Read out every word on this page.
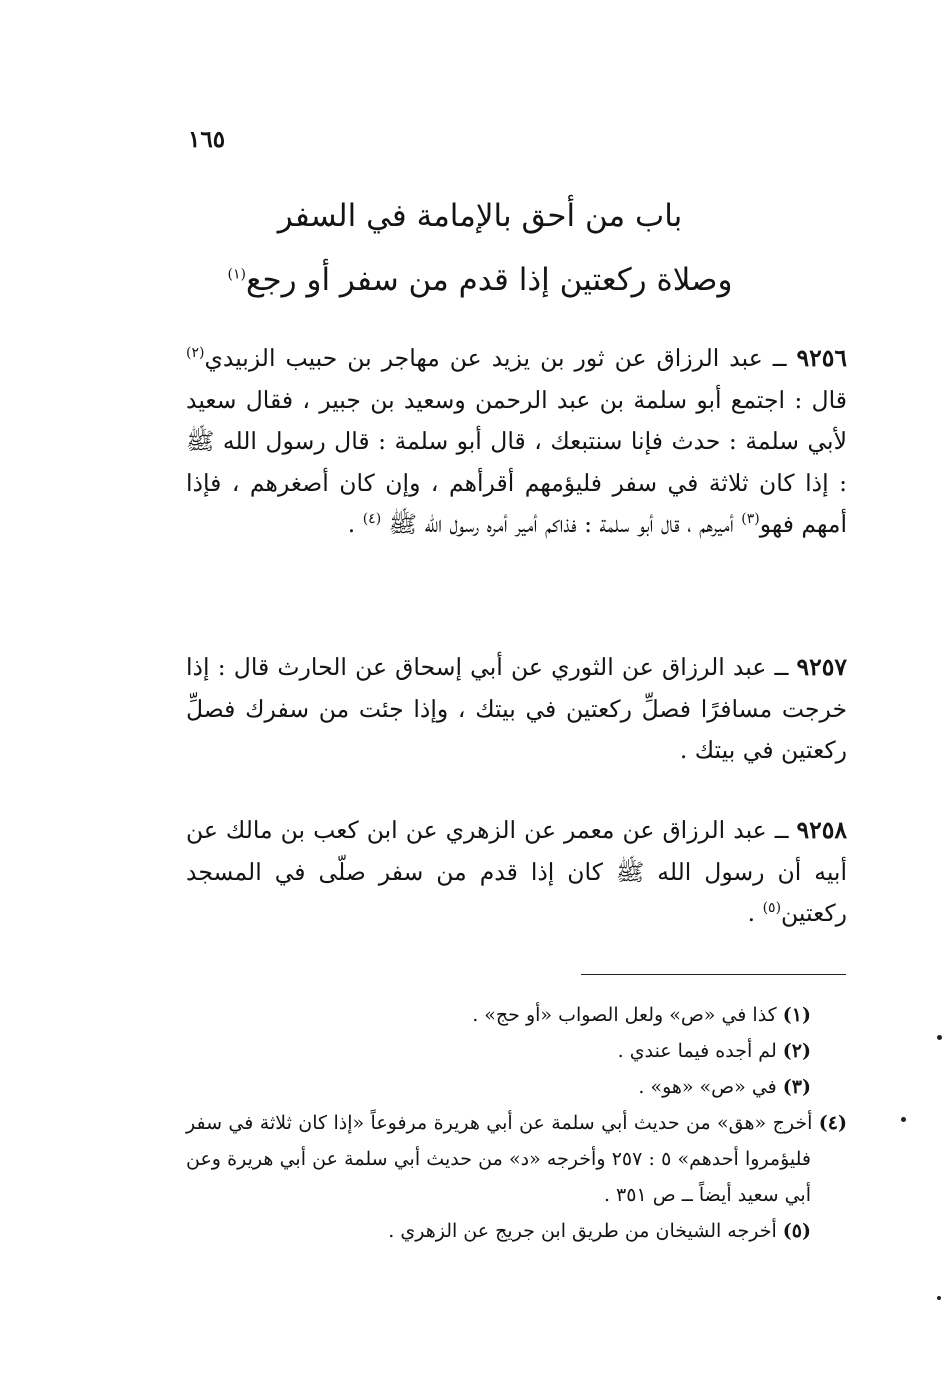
١٦٥
باب من أحق بالإمامة في السفر
وصلاة ركعتين إذا قدم من سفر أو رجع$^{(١)}$
٩٢٥٦ ــ عبد الرزاق عن ثور بن يزيد عن مهاجر بن حبيب الزبيدي$^{(٢)}$ قال : اجتمع أبو سلمة بن عبد الرحمن وسعيد بن جبير ، فقال سعيد لأبي سلمة : حدث فإنا سنتبعك ، قال أبو سلمة : قال رسول الله ﷺ : إذا كان ثلاثة في سفر فليؤمهم أقرأهم ، وإن كان أصغرهم ، فإذا أمهم فهو$^{(٣)}$ أميرهم ، قال أبو سلمة : فذاكم أمير أمره رسول الله ﷺ $^{(٤)}$ .
٩٢٥٧ ــ عبد الرزاق عن الثوري عن أبي إسحاق عن الحارث قال : إذا خرجت مسافرًا فصلِّ ركعتين في بيتك ، وإذا جئت من سفرك فصلِّ ركعتين في بيتك .
٩٢٥٨ ــ عبد الرزاق عن معمر عن الزهري عن ابن كعب بن مالك عن أبيه أن رسول الله ﷺ كان إذا قدم من سفر صلّى في المسجد ركعتين$^{(٥)}$ .
(١) كذا في «ص» ولعل الصواب «أو حج» .
(٢) لم أجده فيما عندي .
(٣) في «ص» «هو» .
(٤) أخرج «هق» من حديث أبي سلمة عن أبي هريرة مرفوعاً «إذا كان ثلاثة في سفر فليؤمروا أحدهم» ٥ : ٢٥٧ وأخرجه «د» من حديث أبي سلمة عن أبي هريرة وعن أبي سعيد أيضاً ــ ص ٣٥١ .
(٥) أخرجه الشيخان من طريق ابن جريج عن الزهري .
